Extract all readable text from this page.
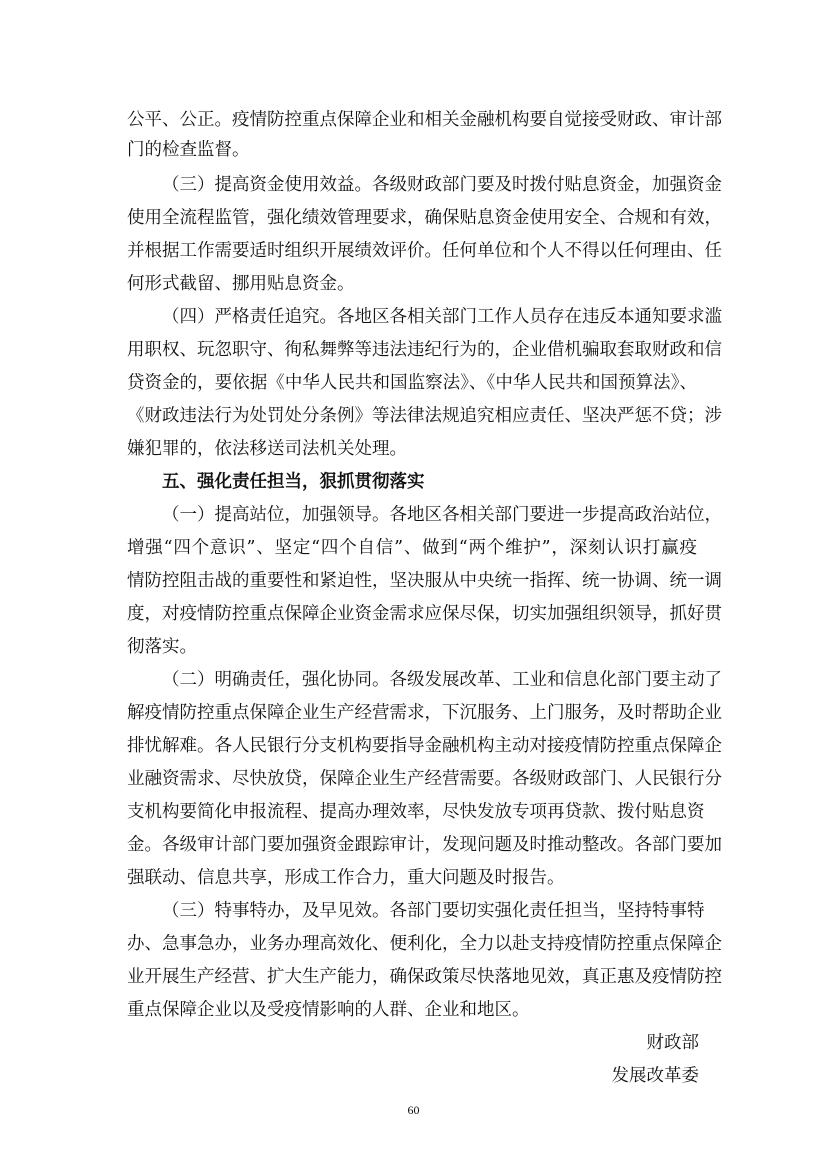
公平、公正。疫情防控重点保障企业和相关金融机构要自觉接受财政、审计部
门的检查监督。
（三）提高资金使用效益。各级财政部门要及时拨付贴息资金，加强资金
使用全流程监管，强化绩效管理要求，确保贴息资金使用安全、合规和有效，
并根据工作需要适时组织开展绩效评价。任何单位和个人不得以任何理由、任
何形式截留、挪用贴息资金。
（四）严格责任追究。各地区各相关部门工作人员存在违反本通知要求滥
用职权、玩忽职守、徇私舞弊等违法违纪行为的，企业借机骗取套取财政和信
贷资金的，要依据《中华人民共和国监察法》、《中华人民共和国预算法》、
《财政违法行为处罚处分条例》等法律法规追究相应责任、坚决严惩不贷；涉
嫌犯罪的，依法移送司法机关处理。
五、强化责任担当，狠抓贯彻落实
（一）提高站位，加强领导。各地区各相关部门要进一步提高政治站位，
增强“四个意识”、坚定“四个自信”、做到“两个维护”，深刻认识打赢疫
情防控阻击战的重要性和紧迫性，坚决服从中央统一指挥、统一协调、统一调
度，对疫情防控重点保障企业资金需求应保尽保，切实加强组织领导，抓好贯
彻落实。
（二）明确责任，强化协同。各级发展改革、工业和信息化部门要主动了
解疫情防控重点保障企业生产经营需求，下沉服务、上门服务，及时帮助企业
排忧解难。各人民银行分支机构要指导金融机构主动对接疫情防控重点保障企
业融资需求、尽快放贷，保障企业生产经营需要。各级财政部门、人民银行分
支机构要简化申报流程、提高办理效率，尽快发放专项再贷款、拨付贴息资
金。各级审计部门要加强资金跟踪审计，发现问题及时推动整改。各部门要加
强联动、信息共享，形成工作合力，重大问题及时报告。
（三）特事特办，及早见效。各部门要切实强化责任担当，坚持特事特
办、急事急办，业务办理高效化、便利化，全力以赴支持疫情防控重点保障企
业开展生产经营、扩大生产能力，确保政策尽快落地见效，真正惠及疫情防控
重点保障企业以及受疫情影响的人群、企业和地区。
财政部
发展改革委
60
